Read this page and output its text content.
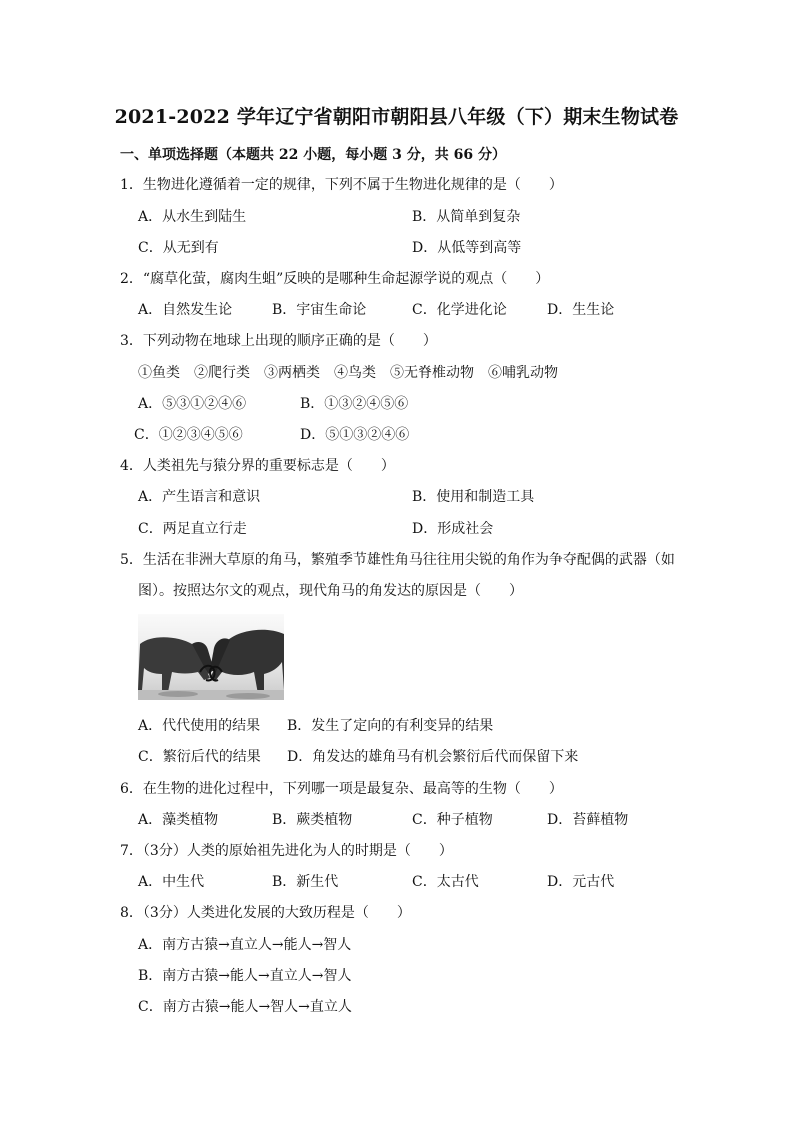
2021-2022 学年辽宁省朝阳市朝阳县八年级（下）期末生物试卷
一、单项选择题（本题共 22 小题，每小题 3 分，共 66 分）
1．生物进化遵循着一定的规律，下列不属于生物进化规律的是（　　）
A．从水生到陆生	B．从简单到复杂
C．从无到有	D．从低等到高等
2．“腐草化萤，腐肉生蛆”反映的是哪种生命起源学说的观点（　　）
A．自然发生论	B．宇宙生命论	C．化学进化论	D．生生论
3．下列动物在地球上出现的顺序正确的是（　　）
①鱼类　②爬行类　③两栖类　④鸟类　⑤无脊椎动物　⑥哺乳动物
A．⑤③①②④⑥	B．①③②④⑤⑥
C．①②③④⑤⑥	D．⑤①③②④⑥
4．人类祖先与猿分界的重要标志是（　　）
A．产生语言和意识	B．使用和制造工具
C．两足直立行走	D．形成社会
5．生活在非洲大草原的角马，繁殖季节雄性角马往往用尖锐的角作为争夺配偶的武器（如
图）。按照达尔文的观点，现代角马的角发达的原因是（　　）
A．代代使用的结果 B．发生了定向的有利变异的结果
C．繁衍后代的结果 D．角发达的雄角马有机会繁衍后代而保留下来
6．在生物的进化过程中，下列哪一项是最复杂、最高等的生物（　　）
A．藻类植物	B．蕨类植物	C．种子植物	D．苔藓植物
7．（3分）人类的原始祖先进化为人的时期是（　　）
A．中生代	B．新生代	C．太古代	D．元古代
8．（3分）人类进化发展的大致历程是（　　）
A．南方古猿→直立人→能人→智人
B．南方古猿→能人→直立人→智人
C．南方古猿→能人→智人→直立人
